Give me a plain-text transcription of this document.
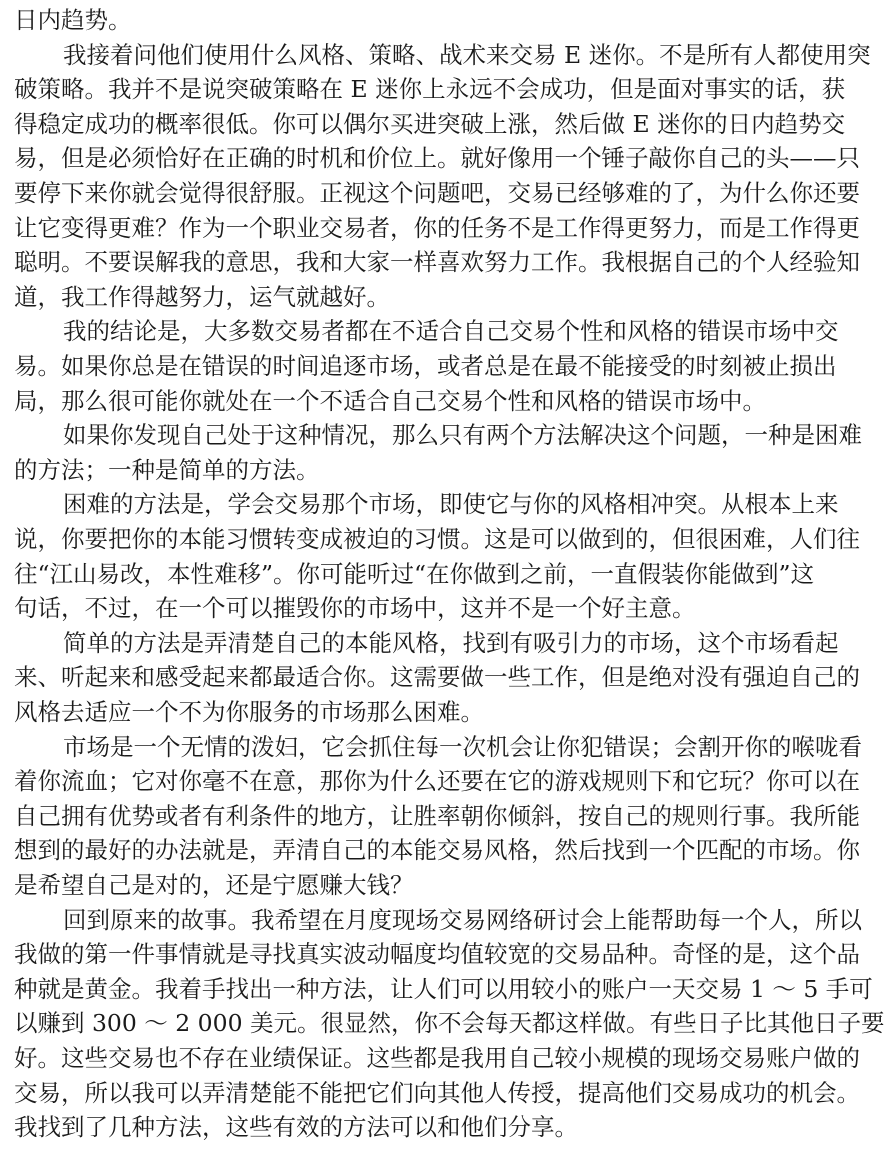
日内趋势。
我接着问他们使用什么风格、策略、战术来交易 E 迷你。不是所有人都使用突
破策略。我并不是说突破策略在 E 迷你上永远不会成功，但是面对事实的话，获
得稳定成功的概率很低。你可以偶尔买进突破上涨，然后做 E 迷你的日内趋势交
易，但是必须恰好在正确的时机和价位上。就好像用一个锤子敲你自己的头——只
要停下来你就会觉得很舒服。正视这个问题吧，交易已经够难的了，为什么你还要
让它变得更难？作为一个职业交易者，你的任务不是工作得更努力，而是工作得更
聪明。不要误解我的意思，我和大家一样喜欢努力工作。我根据自己的个人经验知
道，我工作得越努力，运气就越好。
我的结论是，大多数交易者都在不适合自己交易个性和风格的错误市场中交
易。如果你总是在错误的时间追逐市场，或者总是在最不能接受的时刻被止损出
局，那么很可能你就处在一个不适合自己交易个性和风格的错误市场中。
如果你发现自己处于这种情况，那么只有两个方法解决这个问题，一种是困难
的方法；一种是简单的方法。
困难的方法是，学会交易那个市场，即使它与你的风格相冲突。从根本上来
说，你要把你的本能习惯转变成被迫的习惯。这是可以做到的，但很困难，人们往
往“江山易改，本性难移”。你可能听过“在你做到之前，一直假装你能做到”这
句话，不过，在一个可以摧毁你的市场中，这并不是一个好主意。
简单的方法是弄清楚自己的本能风格，找到有吸引力的市场，这个市场看起
来、听起来和感受起来都最适合你。这需要做一些工作，但是绝对没有强迫自己的
风格去适应一个不为你服务的市场那么困难。
市场是一个无情的泼妇，它会抓住每一次机会让你犯错误；会割开你的喉咙看
着你流血；它对你毫不在意，那你为什么还要在它的游戏规则下和它玩？你可以在
自己拥有优势或者有利条件的地方，让胜率朝你倾斜，按自己的规则行事。我所能
想到的最好的办法就是，弄清自己的本能交易风格，然后找到一个匹配的市场。你
是希望自己是对的，还是宁愿赚大钱？
回到原来的故事。我希望在月度现场交易网络研讨会上能帮助每一个人，所以
我做的第一件事情就是寻找真实波动幅度均值较宽的交易品种。奇怪的是，这个品
种就是黄金。我着手找出一种方法，让人们可以用较小的账户一天交易 1 ～ 5 手可
以赚到 300 ～ 2 000 美元。很显然，你不会每天都这样做。有些日子比其他日子要
好。这些交易也不存在业绩保证。这些都是我用自己较小规模的现场交易账户做的
交易，所以我可以弄清楚能不能把它们向其他人传授，提高他们交易成功的机会。
我找到了几种方法，这些有效的方法可以和他们分享。
